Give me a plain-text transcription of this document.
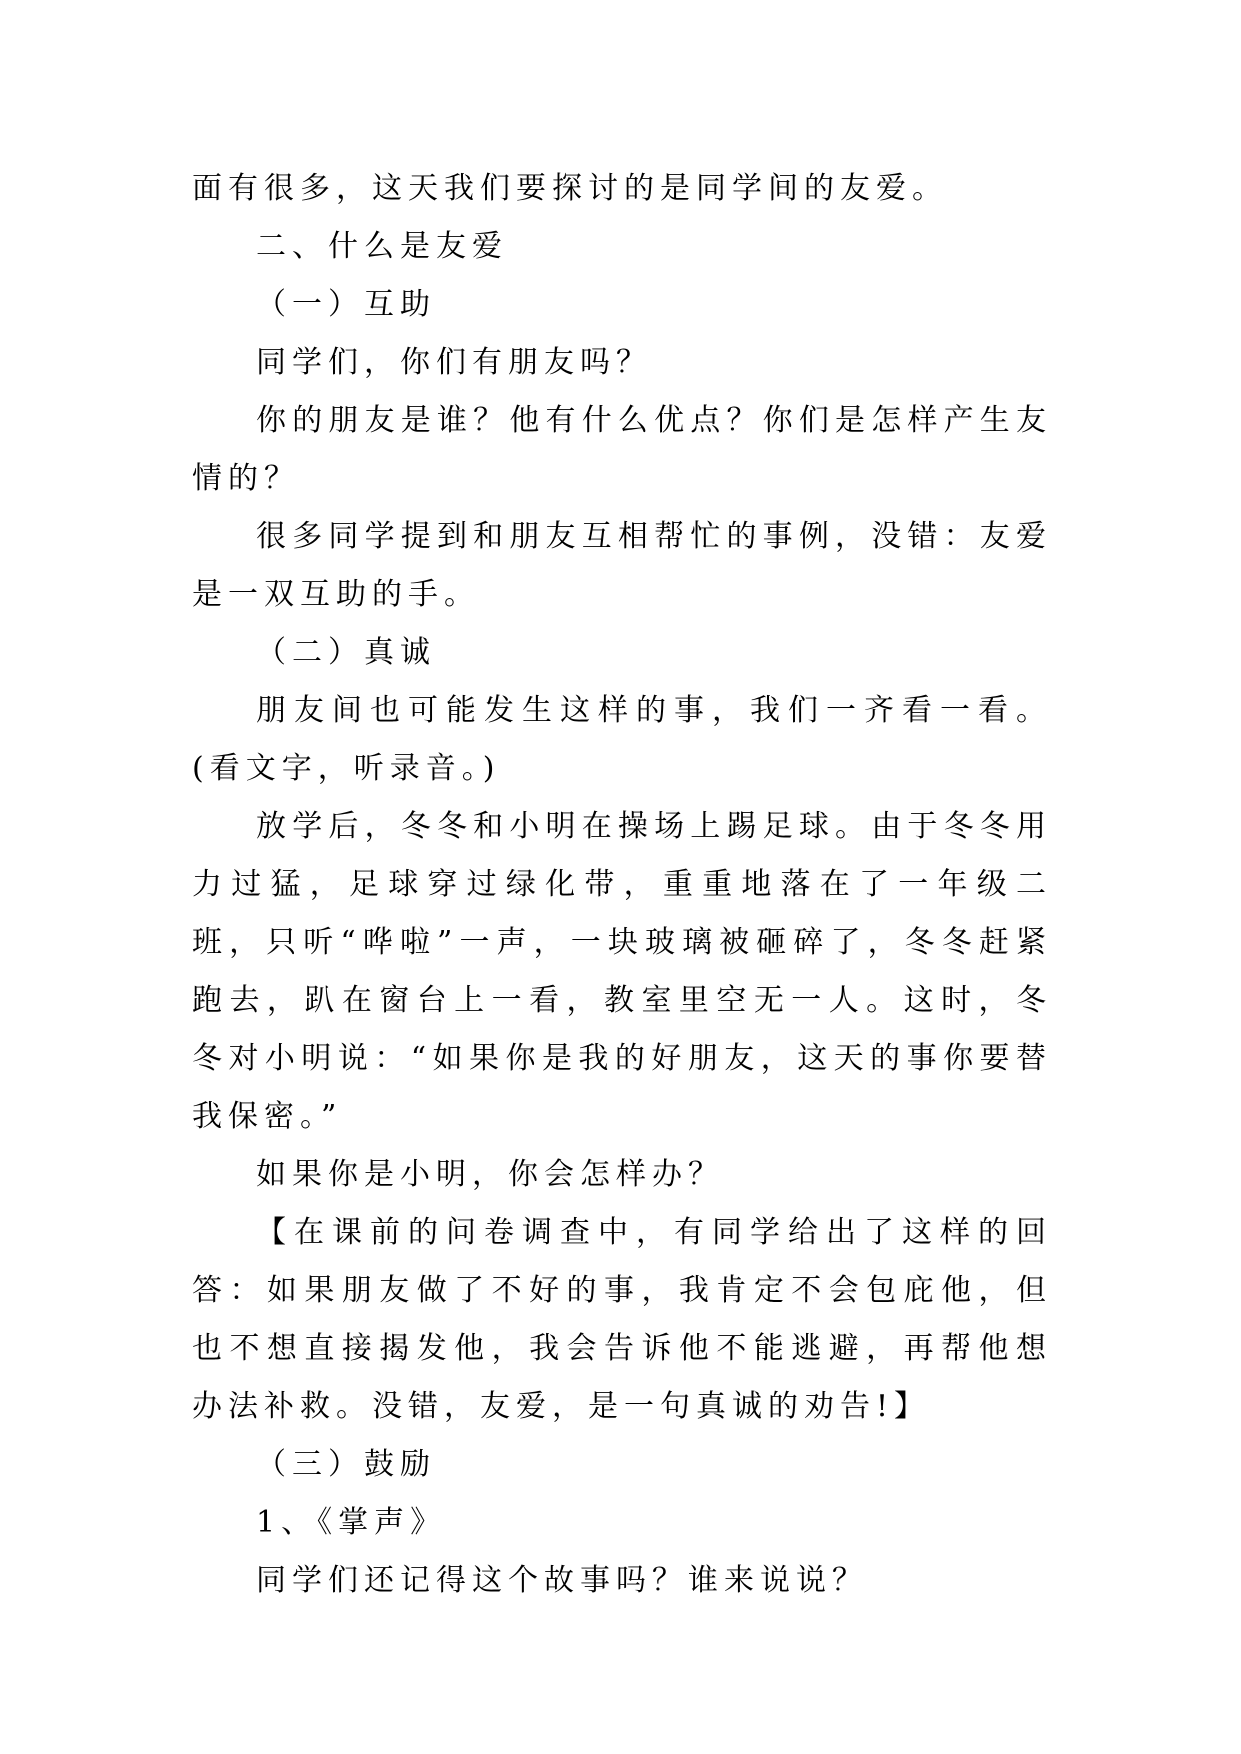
面有很多，这天我们要探讨的是同学间的友爱。

二、什么是友爱

（一）互助

同学们，你们有朋友吗？

你的朋友是谁？他有什么优点？你们是怎样产生友情的？

很多同学提到和朋友互相帮忙的事例，没错：友爱是一双互助的手。

（二）真诚

朋友间也可能发生这样的事，我们一齐看一看。(看文字，听录音。)

放学后，冬冬和小明在操场上踢足球。由于冬冬用力过猛，足球穿过绿化带，重重地落在了一年级二班，只听“哗啦”一声，一块玻璃被砸碎了，冬冬赶紧跑去，趴在窗台上一看，教室里空无一人。这时，冬冬对小明说：“如果你是我的好朋友，这天的事你要替我保密。”

如果你是小明，你会怎样办？

【在课前的问卷调查中，有同学给出了这样的回答：如果朋友做了不好的事，我肯定不会包庇他，但也不想直接揭发他，我会告诉他不能逃避，再帮他想办法补救。没错，友爱，是一句真诚的劝告!】

（三）鼓励

1、《掌声》

同学们还记得这个故事吗？谁来说说？
